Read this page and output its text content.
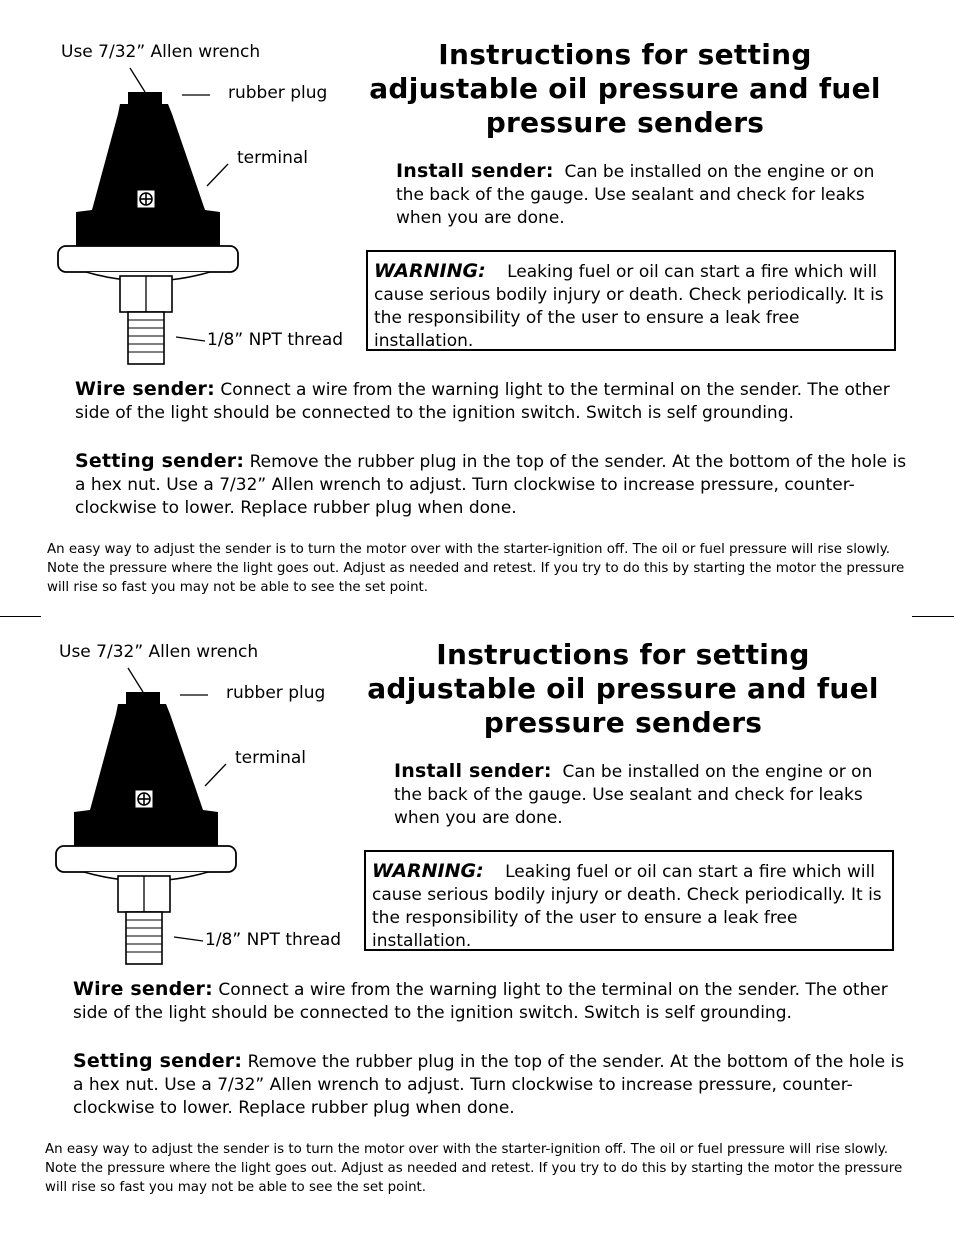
Use 7/32” Allen wrench
rubber plug
terminal
1/8” NPT thread
Instructions for setting
adjustable oil pressure and fuel
pressure senders
Install sender: Can be installed on the engine or on the back of the gauge. Use sealant and check for leaks when you are done.
WARNING: Leaking fuel or oil can start a fire which will cause serious bodily injury or death. Check periodically. It is the responsibility of the user to ensure a leak free installation.
Wire sender: Connect a wire from the warning light to the terminal on the sender. The other side of the light should be connected to the ignition switch. Switch is self grounding.
Setting sender: Remove the rubber plug in the top of the sender. At the bottom of the hole is a hex nut. Use a 7/32” Allen wrench to adjust. Turn clockwise to increase pressure, counter-clockwise to lower. Replace rubber plug when done.
An easy way to adjust the sender is to turn the motor over with the starter-ignition off. The oil or fuel pressure will rise slowly. Note the pressure where the light goes out. Adjust as needed and retest. If you try to do this by starting the motor the pressure will rise so fast you may not be able to see the set point.
Use 7/32” Allen wrench
rubber plug
terminal
1/8” NPT thread
Instructions for setting
adjustable oil pressure and fuel
pressure senders
Install sender: Can be installed on the engine or on the back of the gauge. Use sealant and check for leaks when you are done.
WARNING: Leaking fuel or oil can start a fire which will cause serious bodily injury or death. Check periodically. It is the responsibility of the user to ensure a leak free installation.
Wire sender: Connect a wire from the warning light to the terminal on the sender. The other side of the light should be connected to the ignition switch. Switch is self grounding.
Setting sender: Remove the rubber plug in the top of the sender. At the bottom of the hole is a hex nut. Use a 7/32” Allen wrench to adjust. Turn clockwise to increase pressure, counter-clockwise to lower. Replace rubber plug when done.
An easy way to adjust the sender is to turn the motor over with the starter-ignition off. The oil or fuel pressure will rise slowly. Note the pressure where the light goes out. Adjust as needed and retest. If you try to do this by starting the motor the pressure will rise so fast you may not be able to see the set point.
